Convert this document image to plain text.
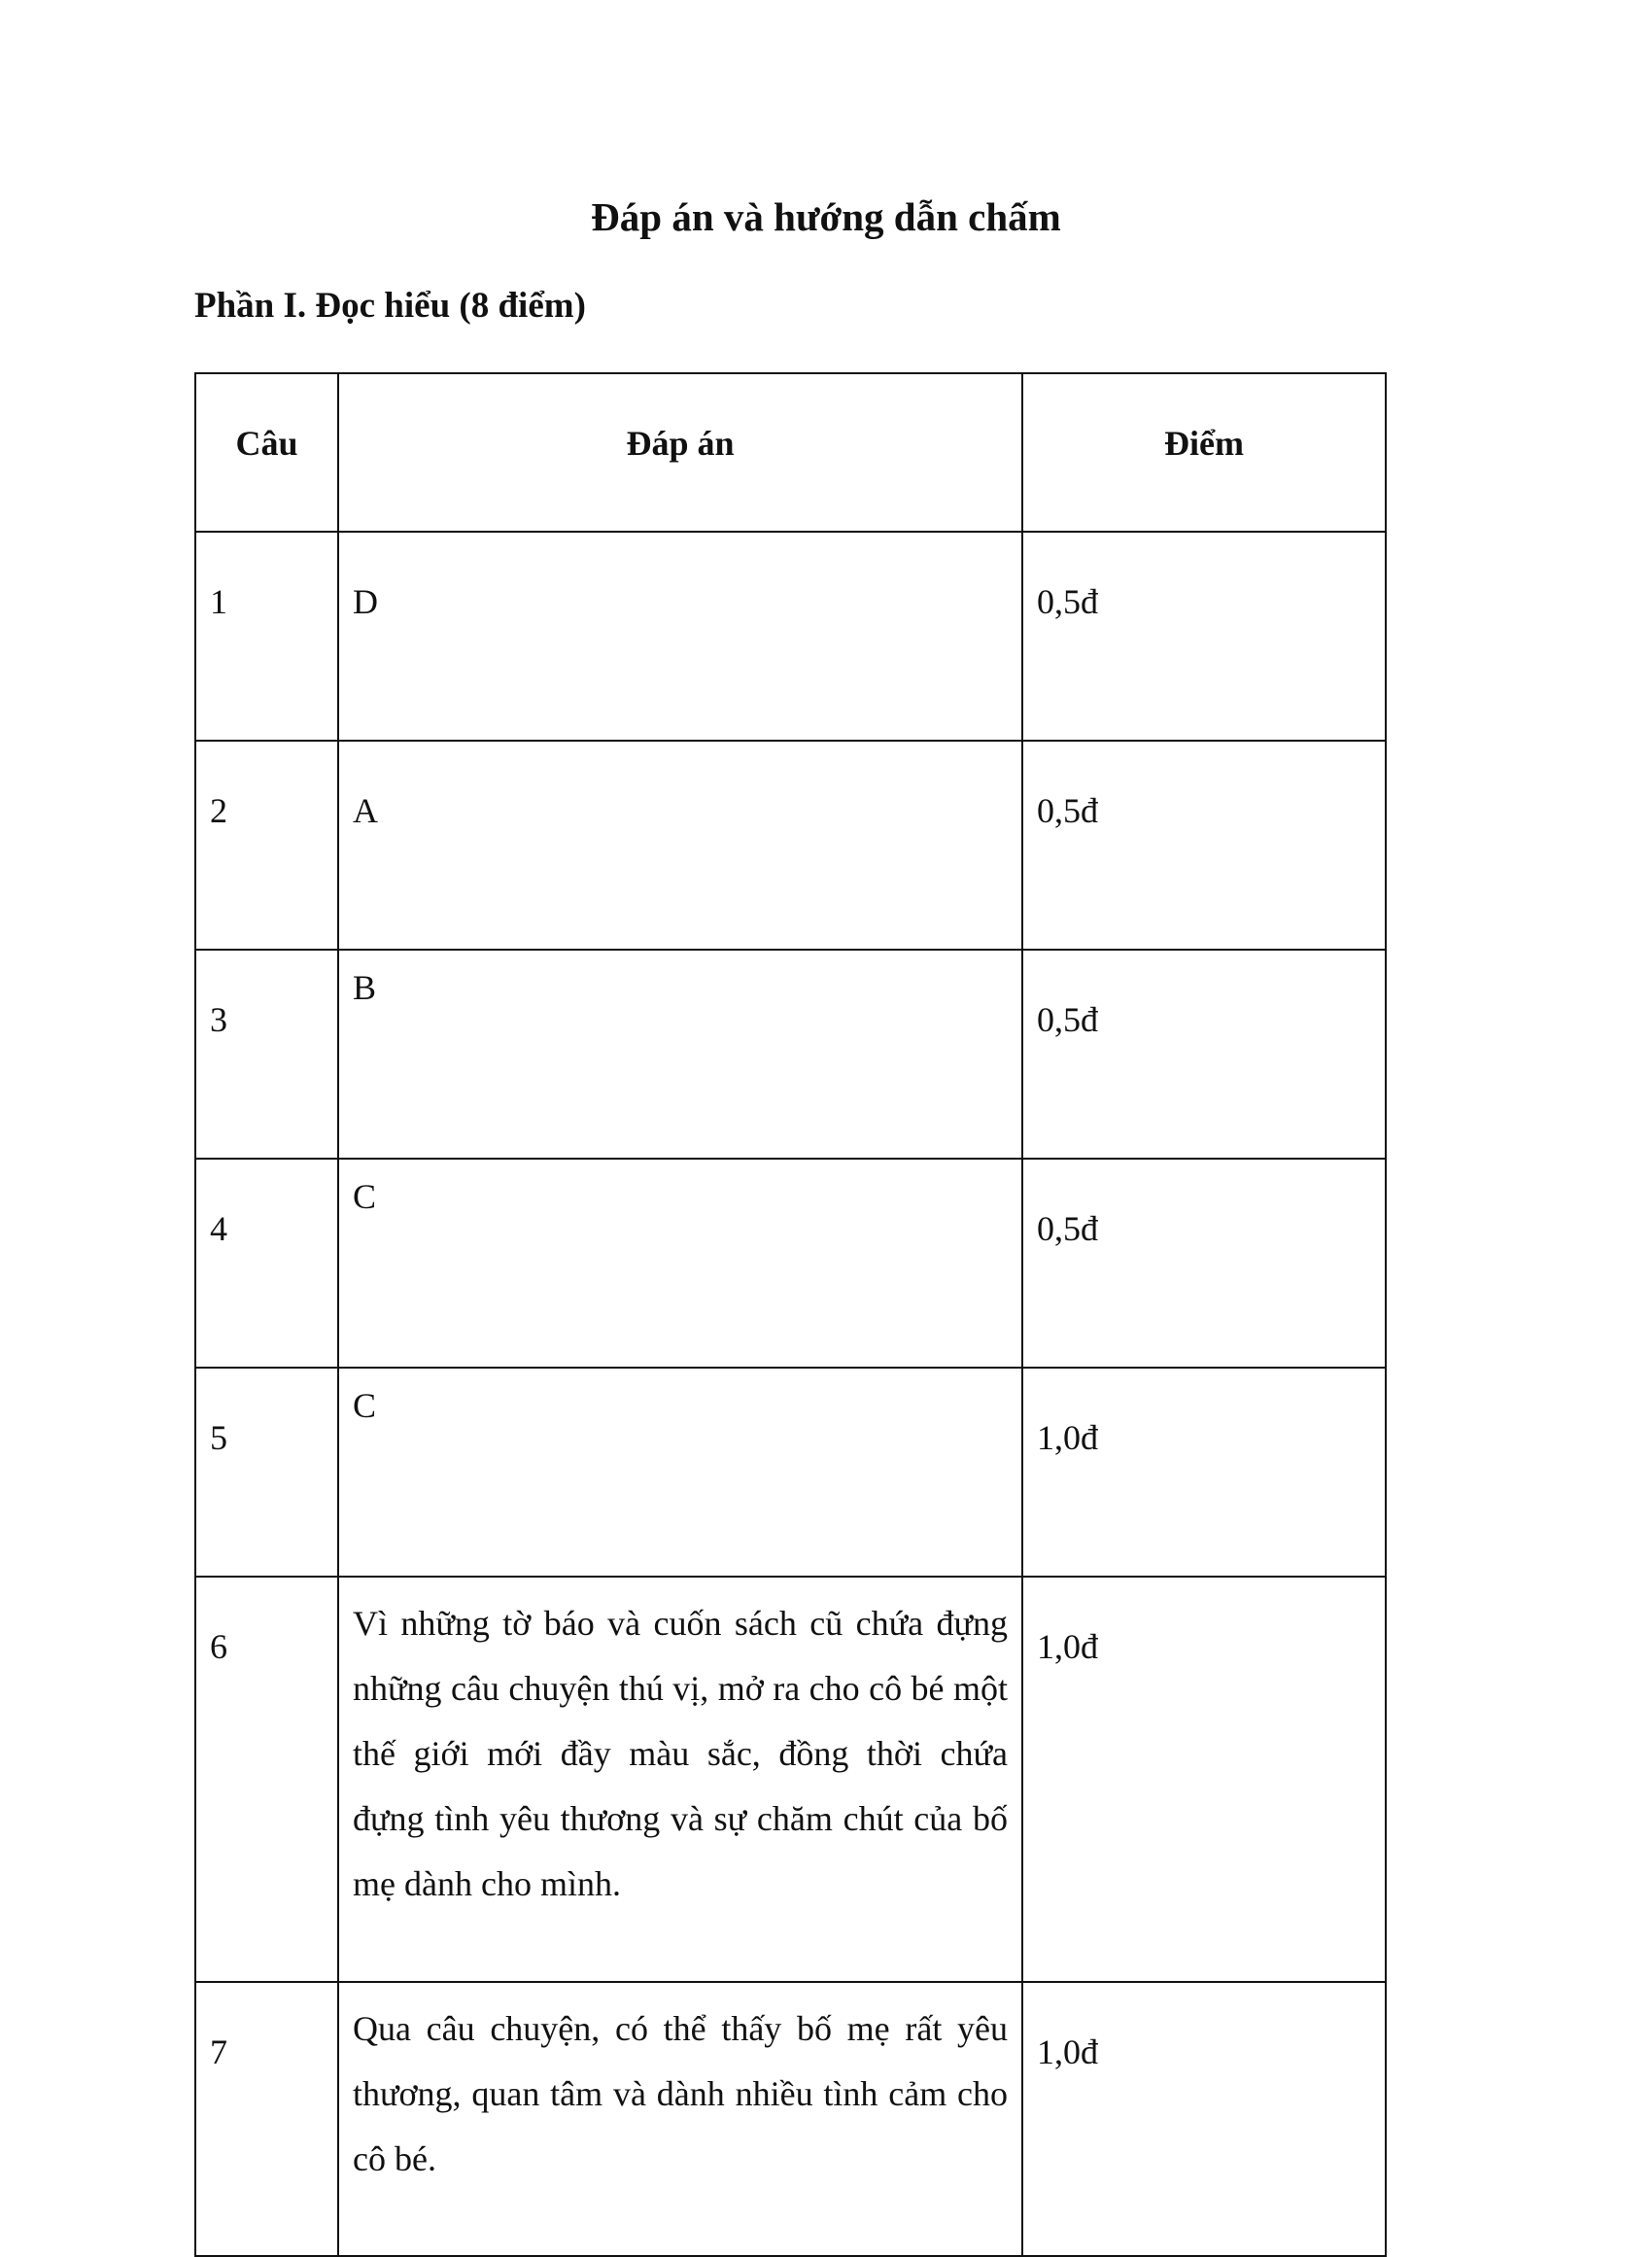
Đáp án và hướng dẫn chấm
Phần I. Đọc hiểu (8 điểm)
Câu	Đáp án	Điểm
1	D	0,5đ
2	A	0,5đ
3	B	0,5đ
4	C	0,5đ
5	C	1,0đ
6	Vì những tờ báo và cuốn sách cũ chứa đựng những câu chuyện thú vị, mở ra cho cô bé một thế giới mới đầy màu sắc, đồng thời chứa đựng tình yêu thương và sự chăm chút của bố mẹ dành cho mình.	1,0đ
7	Qua câu chuyện, có thể thấy bố mẹ rất yêu thương, quan tâm và dành nhiều tình cảm cho cô bé.	1,0đ
